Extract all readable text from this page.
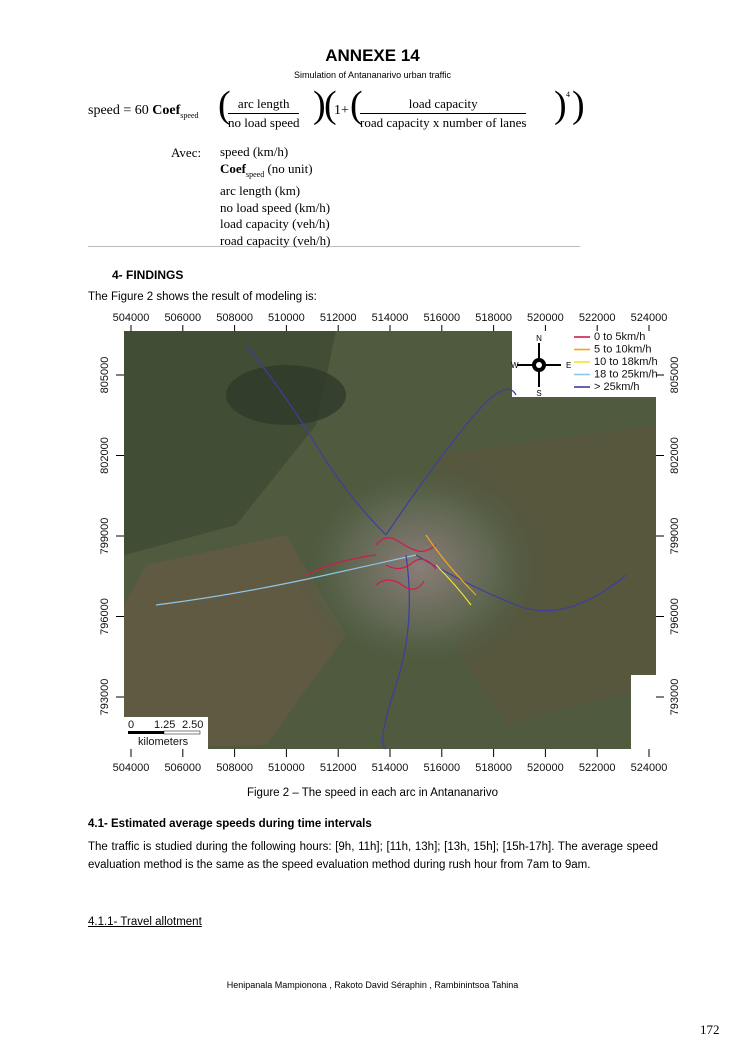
ANNEXE 14
Simulation of Antananarivo urban traffic
speed = 60 Coef$_{speed}$ ( arc length
no load speed )
(
1+ (	load capacity
road capacity x number of lanes ) 4 )
Avec: speed (km/h)
Coef$_{speed}$ (no unit)
arc length (km)
no load speed (km/h)
load capacity (veh/h)
road capacity (veh/h)
4- FINDINGS
The Figure 2 shows the result of modeling is:
N
S
E
W
0 to 5km/h
5 to 10km/h
10 to 18km/h
18 to 25km/h
> 25km/h
0 1.25 2.50
kilometers
504000 506000 508000 510000 512000 514000 516000 518000 520000 522000 524000
504000 506000 508000 510000 512000 514000 516000 518000 520000 522000 524000
805000
802000
799000
796000
793000
805000
802000
799000
796000
793000
Figure 2 – The speed in each arc in Antananarivo
4.1- Estimated average speeds during time intervals
The traffic is studied during the following hours: [9h, 11h]; [11h, 13h]; [13h, 15h]; [15h-17h]. The average speed evaluation method is the same as the speed evaluation method during rush hour from 7am to 9am.
4.1.1- Travel allotment
Henipanala Mampionona , Rakoto David Séraphin , Rambinintsoa Tahina
172
